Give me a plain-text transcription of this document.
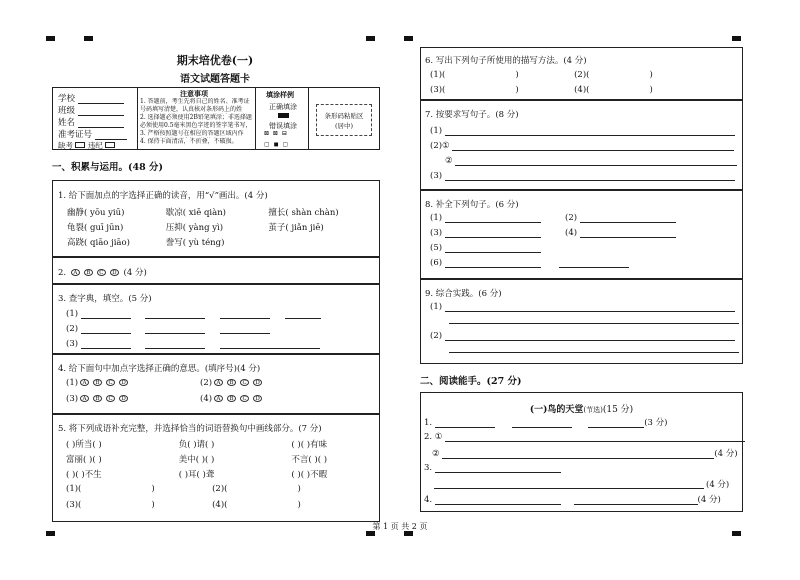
期末培优卷(一)
语文试题答题卡
学校
班级
姓名
准考证号
缺考 违纪
注意事项
1. 答题前，考生先将自己的姓名、准考证号码填写清楚，认真核对条形码上的姓
2. 选择题必须使用2B铅笔填涂；非选择题必须使用0.5毫米黑色字迹的签字笔书写，
3. 严格按照题号在相应的答题区域内作
4. 保持卡面清洁，不折叠，不破损。
填涂样例
正确填涂
错误填涂
⊠ ⊠ ⊟
▢ ◼ ▢
条形码粘贴区
(居中)
一、积累与运用。(48 分)
1. 给下面加点的字选择正确的读音，用“√”画出。(4 分)
幽静( yōu yiū)	歇凉( xiē qiàn)	擅长( shàn chàn)
龟裂( guī jūn)	压抑( yàng yì)	茧子( jiǎn jiē)
高跷( qiāo jiāo)	誊写( yù téng)
2. A B C D (4 分)
3. 查字典，填空。(5 分)
(1)
(2)
(3)
4. 给下面句中加点字选择正确的意思。(填序号)(4 分)
(1) A B C D	(2) A B C D
(3) A B C D	(4) A B C D
5. 将下列成语补充完整，并选择恰当的词语替换句中画线部分。(7 分)
( )所当( )	负( )请( )	( )( )有味
富丽( )( )	美中( )( )	不言( )( )
( )( )不生	( )耳( )聋	( )( )不暇
(1)(	)	(2)(	)
(3)(	)	(4)(	)
6. 写出下列句子所使用的描写方法。(4 分)
(1)(	)	(2)(	)
(3)(	)	(4)(	)
7. 按要求写句子。(8 分)
(1)
(2)①
②
(3)
8. 补全下列句子。(6 分)
(1)	(2)
(3)	(4)
(5)
(6)
9. 综合实践。(6 分)
(1)
(2)
二、阅读能手。(27 分)
(一)鸟的天堂(节选)(15 分)
1.	(3 分)
2. ①
②	(4 分)
3.
(4 分)
4.	(4 分)
第 1 页 共 2 页
